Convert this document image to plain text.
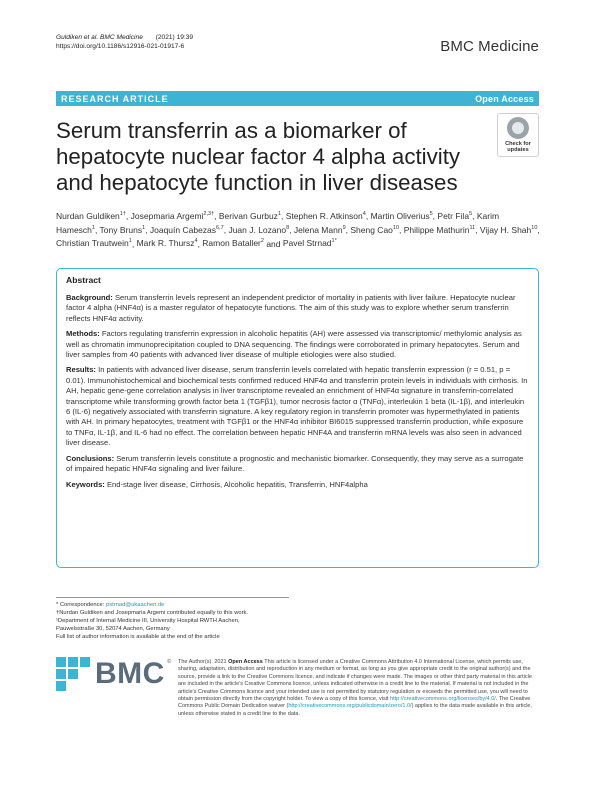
Guldiken et al. BMC Medicine (2021) 19:39
https://doi.org/10.1186/s12916-021-01917-6	BMC Medicine
RESEARCH ARTICLE	Open Access
Serum transferrin as a biomarker of hepatocyte nuclear factor 4 alpha activity and hepatocyte function in liver diseases
Check for
updates
Nurdan Guldiken$^{1\dagger}$, Josepmaria Argemi$^{2,3\dagger}$, Berivan Gurbuz$^1$, Stephen R. Atkinson$^4$, Martin Oliverius$^5$, Petr Fila$^5$, Karim Hamesch$^1$, Tony Bruns$^1$, Joaquín Cabezas$^{6,7}$, Juan J. Lozano$^8$, Jelena Mann$^9$, Sheng Cao$^{10}$, Philippe Mathurin$^{11}$, Vijay H. Shah$^{10}$, Christian Trautwein$^1$, Mark R. Thursz$^4$, Ramon Bataller$^2$ and Pavel Strnad$^{1*}$
Abstract
Background: Serum transferrin levels represent an independent predictor of mortality in patients with liver failure. Hepatocyte nuclear factor 4 alpha (HNF4α) is a master regulator of hepatocyte functions. The aim of this study was to explore whether serum transferrin reflects HNF4α activity.
Methods: Factors regulating transferrin expression in alcoholic hepatitis (AH) were assessed via transcriptomic/ methylomic analysis as well as chromatin immunoprecipitation coupled to DNA sequencing. The findings were corroborated in primary hepatocytes. Serum and liver samples from 40 patients with advanced liver disease of multiple etiologies were also studied.
Results: In patients with advanced liver disease, serum transferrin levels correlated with hepatic transferrin expression (r = 0.51, p = 0.01). Immunohistochemical and biochemical tests confirmed reduced HNF4α and transferrin protein levels in individuals with cirrhosis. In AH, hepatic gene-gene correlation analysis in liver transcriptome revealed an enrichment of HNF4α signature in transferrin-correlated transcriptome while transforming growth factor beta 1 (TGFβ1), tumor necrosis factor α (TNFα), interleukin 1 beta (IL-1β), and interleukin 6 (IL-6) negatively associated with transferrin signature. A key regulatory region in transferrin promoter was hypermethylated in patients with AH. In primary hepatocytes, treatment with TGFβ1 or the HNF4α inhibitor BI6015 suppressed transferrin production, while exposure to TNFα, IL-1β, and IL-6 had no effect. The correlation between hepatic HNF4A and transferrin mRNA levels was also seen in advanced liver disease.
Conclusions: Serum transferrin levels constitute a prognostic and mechanistic biomarker. Consequently, they may serve as a surrogate of impaired hepatic HNF4α signaling and liver failure.
Keywords: End-stage liver disease, Cirrhosis, Alcoholic hepatitis, Transferrin, HNF4alpha
* Correspondence: pstrnad@ukaachen.de
†Nurdan Guldiken and Josepmaria Argemi contributed equally to this work.
¹Department of Internal Medicine III, University Hospital RWTH Aachen,
Pauwelsstraße 30, 52074 Aachen, Germany
Full list of author information is available at the end of the article
BMC © The Author(s). 2021 Open Access This article is licensed under a Creative Commons Attribution 4.0 International License, which permits use, sharing, adaptation, distribution and reproduction in any medium or format, as long as you give appropriate credit to the original author(s) and the source, provide a link to the Creative Commons licence, and indicate if changes were made. The images or other third party material in this article are included in the article's Creative Commons licence, unless indicated otherwise in a credit line to the material. If material is not included in the article's Creative Commons licence and your intended use is not permitted by statutory regulation or exceeds the permitted use, you will need to obtain permission directly from the copyright holder. To view a copy of this licence, visit http://creativecommons.org/licenses/by/4.0/. The Creative Commons Public Domain Dedication waiver (http://creativecommons.org/publicdomain/zero/1.0/) applies to the data made available in this article, unless otherwise stated in a credit line to the data.
